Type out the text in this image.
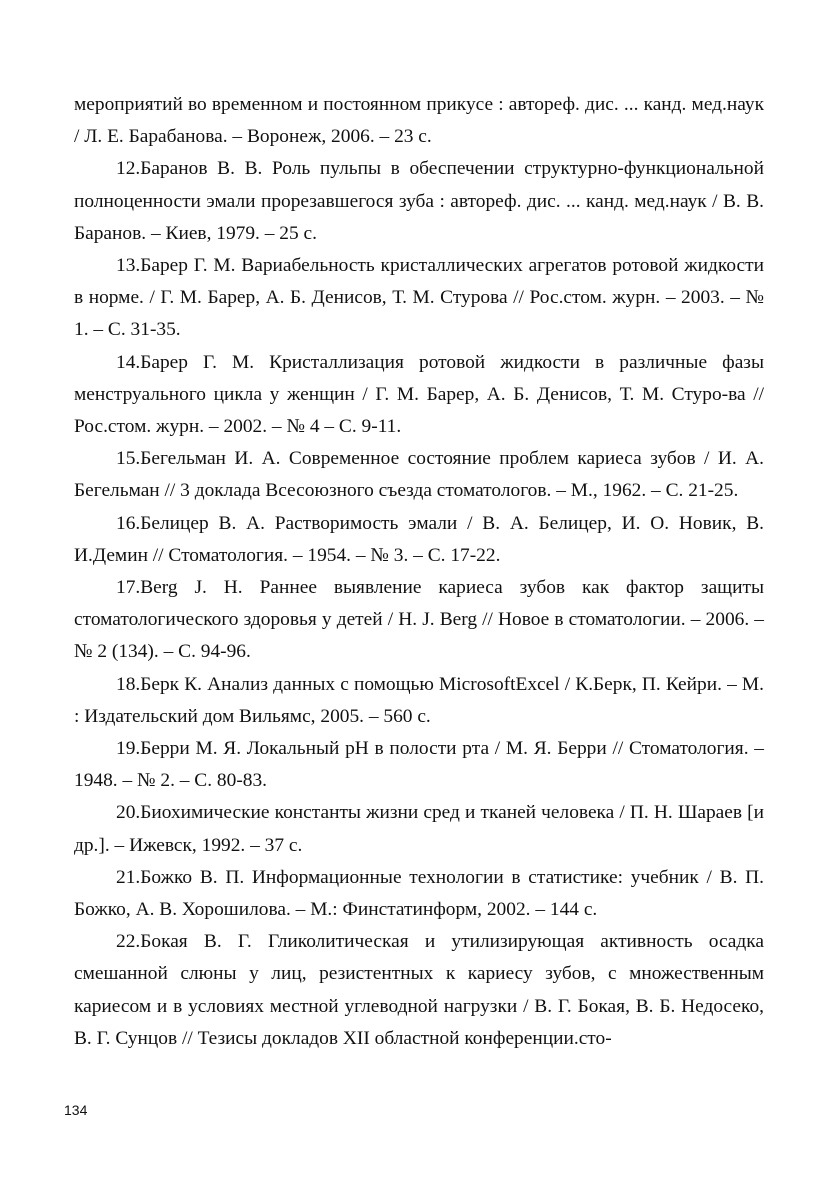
мероприятий во временном и постоянном прикусе : автореф. дис. ... канд. мед.наук / Л. Е. Барабанова. – Воронеж, 2006. – 23 с.

12.Баранов В. В. Роль пульпы в обеспечении структурно-функциональной полноценности эмали прорезавшегося зуба : автореф. дис. ... канд. мед.наук / В. В. Баранов. – Киев, 1979. – 25 с.

13.Барер Г. М. Вариабельность кристаллических агрегатов ротовой жидкости в норме. / Г. М. Барер, А. Б. Денисов, Т. М. Стурова // Рос.стом. журн. – 2003. – № 1. – С. 31-35.

14.Барер Г. М. Кристаллизация ротовой жидкости в различные фазы менструального цикла у женщин / Г. М. Барер, А. Б. Денисов, Т. М. Стуро-ва // Рос.стом. журн. – 2002. – № 4 – С. 9-11.

15.Бегельман И. А. Современное состояние проблем кариеса зубов / И. А. Бегельман // 3 доклада Всесоюзного съезда стоматологов. – М., 1962. – С. 21-25.

16.Белицер В. А. Растворимость эмали / В. А. Белицер, И. О. Новик, В. И.Демин // Стоматология. – 1954. – № 3. – С. 17-22.

17.Berg J. H. Раннее выявление кариеса зубов как фактор защиты стоматологического здоровья у детей / H. J. Berg // Новое в стоматологии. – 2006. – № 2 (134). – С. 94-96.

18.Берк К. Анализ данных с помощью MicrosoftExcel / К.Берк, П. Кейри. – М. : Издательский дом Вильямс, 2005. – 560 с.

19.Берри М. Я. Локальный pH в полости рта / М. Я. Берри // Стоматология. – 1948. – № 2. – С. 80-83.

20.Биохимические константы жизни сред и тканей человека / П. Н. Шараев [и др.]. – Ижевск, 1992. – 37 с.

21.Божко В. П. Информационные технологии в статистике: учебник / В. П. Божко, А. В. Хорошилова. – М.: Финстатинформ, 2002. – 144 с.

22.Бокая В. Г. Гликолитическая и утилизирующая активность осадка смешанной слюны у лиц, резистентных к кариесу зубов, с множественным кариесом и в условиях местной углеводной нагрузки / В. Г. Бокая, В. Б. Недосеко, В. Г. Сунцов // Тезисы докладов XII областной конференции.сто-

134
